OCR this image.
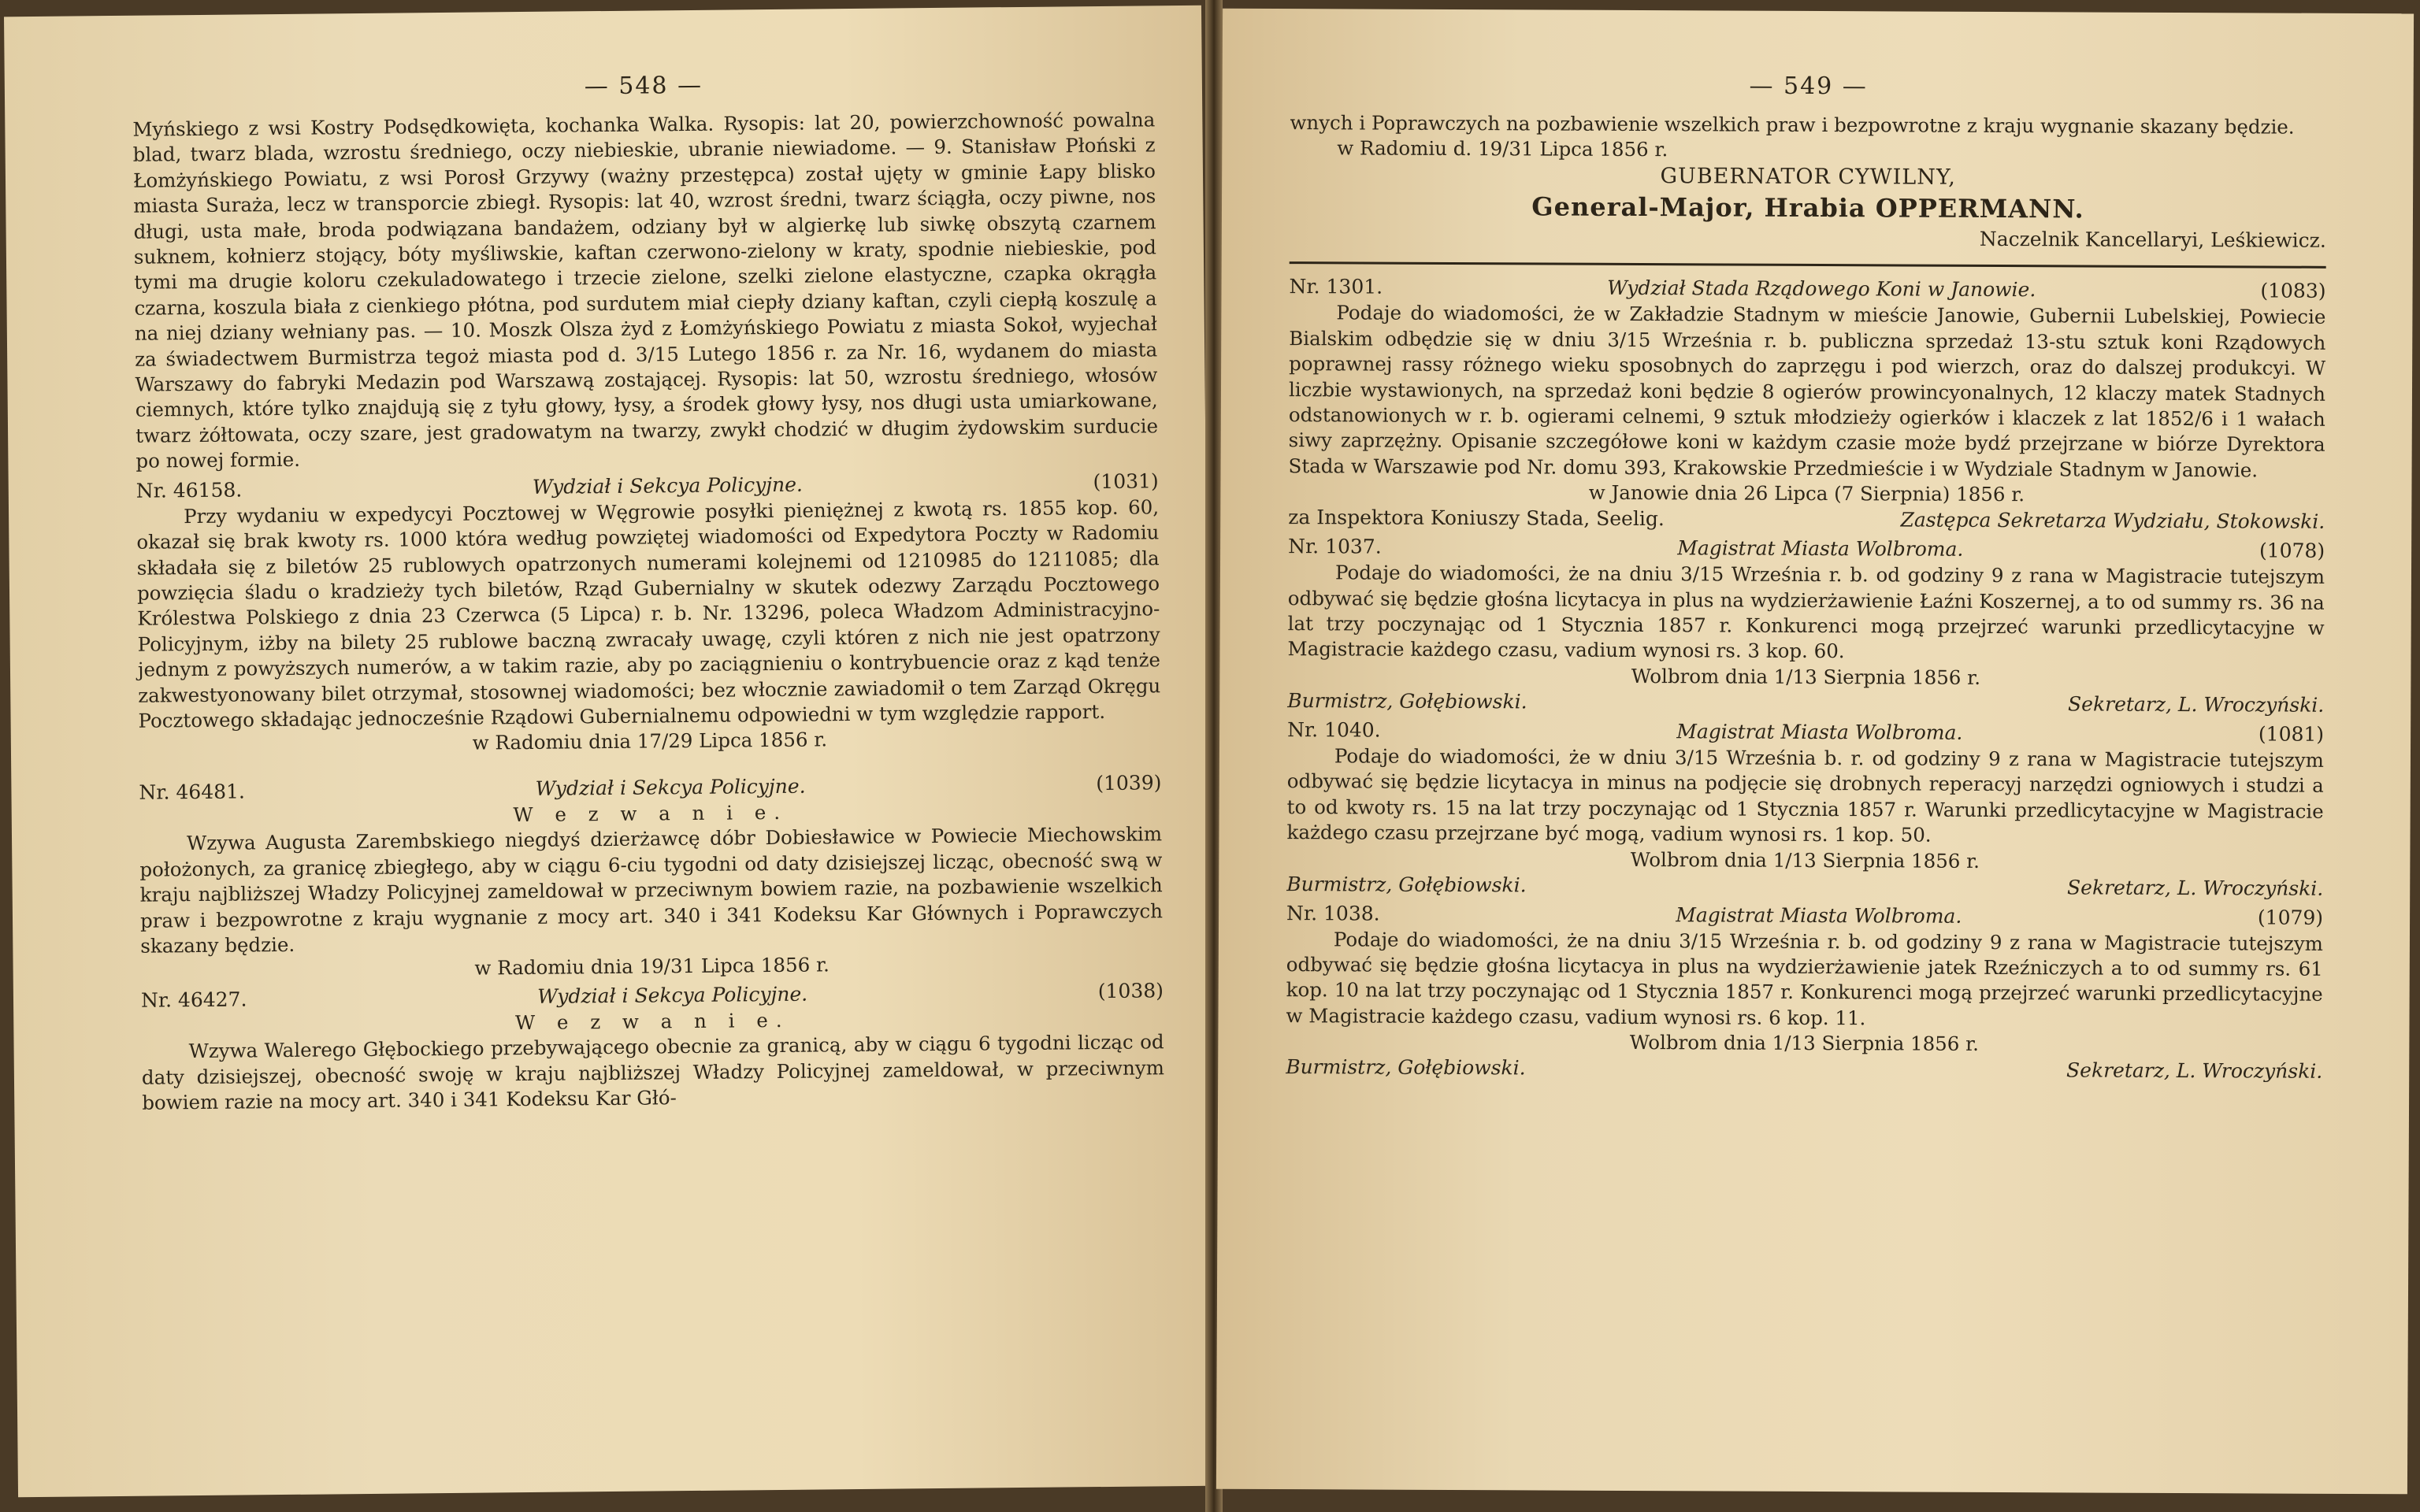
— 548 —

Myńskiego z wsi Kostry Podsędkowięta, kochanka Walka. Rysopis: lat 20, powierzchowność powalna blad, twarz blada, wzrostu średniego, oczy niebieskie, ubranie niewiadome. — 9. Stanisław Płoński z Łomżyńskiego Powiatu, z wsi Porosł Grzywy (ważny przestępca) został ujęty w gminie Łapy blisko miasta Suraża, lecz w transporcie zbiegł. Rysopis: lat 40, wzrost średni, twarz ściągła, oczy piwne, nos długi, usta małe, broda podwiązana bandażem, odziany był w algierkę lub siwkę obszytą czarnem suknem, kołnierz stojący, bóty myśliwskie, kaftan czerwono-zielony w kraty, spodnie niebieskie, pod tymi ma drugie koloru czekuladowatego i trzecie zielone, szelki zielone elastyczne, czapka okrągła czarna, koszula biała z cienkiego płótna, pod surdutem miał ciepły dziany kaftan, czyli ciepłą koszulę a na niej dziany wełniany pas. — 10. Moszk Olsza żyd z Łomżyńskiego Powiatu z miasta Sokoł, wyjechał za świadectwem Burmistrza tegoż miasta pod d. 3/15 Lutego 1856 r. za Nr. 16, wydanem do miasta Warszawy do fabryki Medazin pod Warszawą zostającej. Rysopis: lat 50, wzrostu średniego, włosów ciemnych, które tylko znajdują się z tyłu głowy, łysy, a środek głowy łysy, nos długi usta umiarkowane, twarz żółtowata, oczy szare, jest gradowatym na twarzy, zwykł chodzić w długim żydowskim surducie po nowej formie.

Nr. 46158.	Wydział i Sekcya Policyjne.	(1031)

Przy wydaniu w expedycyi Pocztowej w Węgrowie posyłki pieniężnej z kwotą rs. 1855 kop. 60, okazał się brak kwoty rs. 1000 która według powziętej wiadomości od Expedytora Poczty w Radomiu składała się z biletów 25 rublowych opatrzonych numerami kolejnemi od 1210985 do 1211085; dla powzięcia śladu o kradzieży tych biletów, Rząd Gubernialny w skutek odezwy Zarządu Pocztowego Królestwa Polskiego z dnia 23 Czerwca (5 Lipca) r. b. Nr. 13296, poleca Władzom Administracyjno-Policyjnym, iżby na bilety 25 rublowe baczną zwracały uwagę, czyli któren z nich nie jest opatrzony jednym z powyższych numerów, a w takim razie, aby po zaciągnieniu o kontrybuencie oraz z kąd tenże zakwestyonowany bilet otrzymał, stosownej wiadomości; bez włocznie zawiadomił o tem Zarząd Okręgu Pocztowego składając jednocześnie Rządowi Gubernialnemu odpowiedni w tym względzie rapport.

w Radomiu dnia 17/29 Lipca 1856 r.

Nr. 46481.	Wydział i Sekcya Policyjne.	(1039)
W e z w a n i e.

Wzywa Augusta Zarembskiego niegdyś dzierżawcę dóbr Dobiesławice w Powiecie Miechowskim położonych, za granicę zbiegłego, aby w ciągu 6-ciu tygodni od daty dzisiejszej licząc, obecność swą w kraju najbliższej Władzy Policyjnej zameldował w przeciwnym bowiem razie, na pozbawienie wszelkich praw i bezpowrotne z kraju wygnanie z mocy art. 340 i 341 Kodeksu Kar Głównych i Poprawczych skazany będzie.

w Radomiu dnia 19/31 Lipca 1856 r.

Nr. 46427.	Wydział i Sekcya Policyjne.	(1038)
W e z w a n i e.

Wzywa Walerego Głębockiego przebywającego obecnie za granicą, aby w ciągu 6 tygodni licząc od daty dzisiejszej, obecność swoję w kraju najbliższej Władzy Policyjnej zameldował, w przeciwnym bowiem razie na mocy art. 340 i 341 Kodeksu Kar Głó-

— 549 —

wnych i Poprawczych na pozbawienie wszelkich praw i bezpowrotne z kraju wygnanie skazany będzie.

w Radomiu d. 19/31 Lipca 1856 r.

GUBERNATOR CYWILNY,
General-Major, Hrabia OPPERMANN.
Naczelnik Kancellaryi, Leśkiewicz.
Nr. 1301.	Wydział Stada Rządowego Koni w Janowie.	(1083)

Podaje do wiadomości, że w Zakładzie Stadnym w mieście Janowie, Gubernii Lubelskiej, Powiecie Bialskim odbędzie się w dniu 3/15 Września r. b. publiczna sprzedaż 13-stu sztuk koni Rządowych poprawnej rassy różnego wieku sposobnych do zaprzęgu i pod wierzch, oraz do dalszej produkcyi. W liczbie wystawionych, na sprzedaż koni będzie 8 ogierów prowincyonalnych, 12 klaczy matek Stadnych odstanowionych w r. b. ogierami celnemi, 9 sztuk młodzieży ogierków i klaczek z lat 1852/6 i 1 wałach siwy zaprzężny. Opisanie szczegółowe koni w każdym czasie może bydź przejrzane w biórze Dyrektora Stada w Warszawie pod Nr. domu 393, Krakowskie Przedmieście i w Wydziale Stadnym w Janowie.

w Janowie dnia 26 Lipca (7 Sierpnia) 1856 r.

za Inspektora Koniuszy Stada, Seelig.	Zastępca Sekretarza Wydziału, Stokowski.
Nr. 1037.	Magistrat Miasta Wolbroma.	(1078)

Podaje do wiadomości, że na dniu 3/15 Września r. b. od godziny 9 z rana w Magistracie tutejszym odbywać się będzie głośna licytacya in plus na wydzierżawienie Łaźni Koszernej, a to od summy rs. 36 na lat trzy poczynając od 1 Stycznia 1857 r. Konkurenci mogą przejrzeć warunki przedlicytacyjne w Magistracie każdego czasu, vadium wynosi rs. 3 kop. 60.

Wolbrom dnia 1/13 Sierpnia 1856 r.

Burmistrz, Gołębiowski.	Sekretarz, L. Wroczyński.
Nr. 1040.	Magistrat Miasta Wolbroma.	(1081)

Podaje do wiadomości, że w dniu 3/15 Września b. r. od godziny 9 z rana w Magistracie tutejszym odbywać się będzie licytacya in minus na podjęcie się drobnych reperacyj narzędzi ogniowych i studzi a to od kwoty rs. 15 na lat trzy poczynając od 1 Stycznia 1857 r. Warunki przedlicytacyjne w Magistracie każdego czasu przejrzane być mogą, vadium wynosi rs. 1 kop. 50.

Wolbrom dnia 1/13 Sierpnia 1856 r.

Burmistrz, Gołębiowski.	Sekretarz, L. Wroczyński.
Nr. 1038.	Magistrat Miasta Wolbroma.	(1079)

Podaje do wiadomości, że na dniu 3/15 Września r. b. od godziny 9 z rana w Magistracie tutejszym odbywać się będzie głośna licytacya in plus na wydzierżawienie jatek Rzeźniczych a to od summy rs. 61 kop. 10 na lat trzy poczynając od 1 Stycznia 1857 r. Konkurenci mogą przejrzeć warunki przedlicytacyjne w Magistracie każdego czasu, vadium wynosi rs. 6 kop. 11.

Wolbrom dnia 1/13 Sierpnia 1856 r.

Burmistrz, Gołębiowski.	Sekretarz, L. Wroczyński.
